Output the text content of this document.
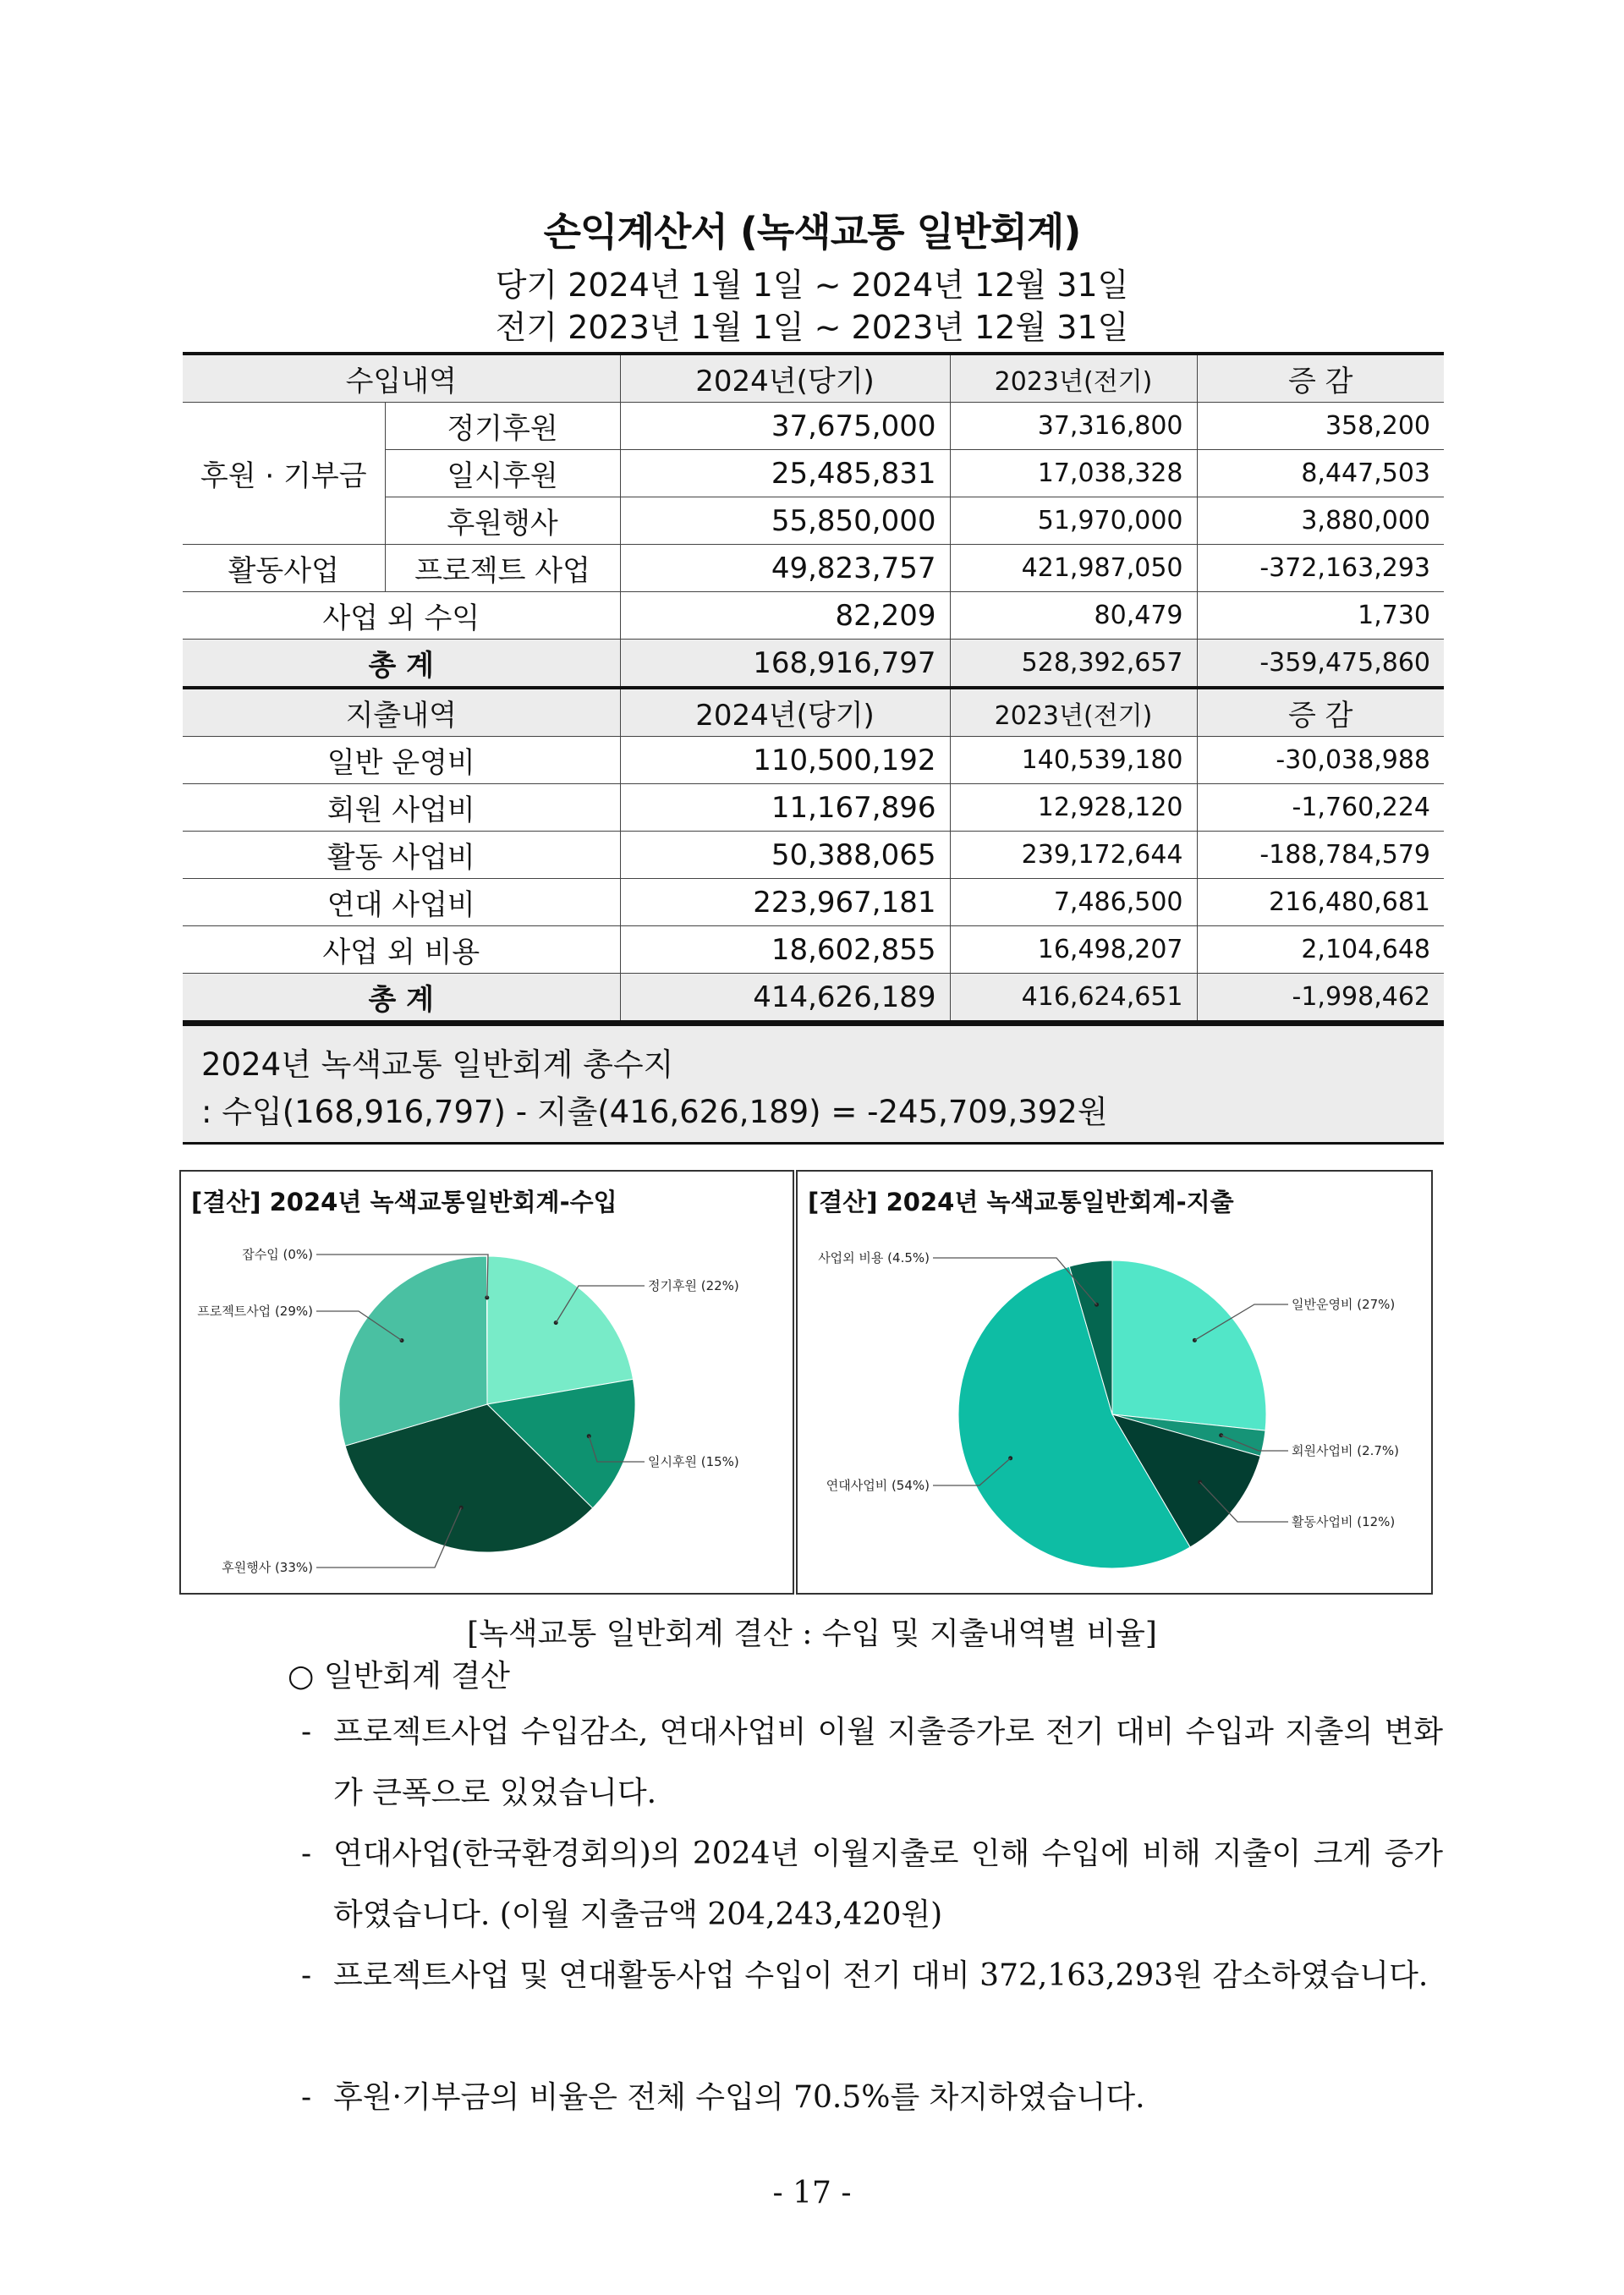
손익계산서 (녹색교통 일반회계)
당기 2024년 1월 1일 ~ 2024년 12월 31일
전기 2023년 1월 1일 ~ 2023년 12월 31일
수입내역		2024년(당기)	2023년(전기)	증 감
후원 · 기부금	정기후원	37,675,000	37,316,800	358,200
	일시후원	25,485,831	17,038,328	8,447,503
	후원행사	55,850,000	51,970,000	3,880,000
활동사업	프로젝트 사업	49,823,757	421,987,050	-372,163,293
사업 외 수익		82,209	80,479	1,730
총 계		168,916,797	528,392,657	-359,475,860
지출내역		2024년(당기)	2023년(전기)	증 감
일반 운영비		110,500,192	140,539,180	-30,038,988
회원 사업비		11,167,896	12,928,120	-1,760,224
활동 사업비		50,388,065	239,172,644	-188,784,579
연대 사업비		223,967,181	7,486,500	216,480,681
사업 외 비용		18,602,855	16,498,207	2,104,648
총 계		414,626,189	416,624,651	-1,998,462
2024년 녹색교통 일반회계 총수지
: 수입(168,916,797) - 지출(416,626,189) = -245,709,392원
정기후원 (22%)
일시후원 (15%)
후원행사 (33%)
프로젝트사업 (29%)
잡수입 (0%)
[결산] 2024년 녹색교통일반회계-수입
일반운영비 (27%)
회원사업비 (2.7%)
활동사업비 (12%)
연대사업비 (54%)
사업외 비용 (4.5%)
[결산] 2024년 녹색교통일반회계-지출
[녹색교통 일반회계 결산 : 수입 및 지출내역별 비율]
○ 일반회계 결산
- 프로젝트사업 수입감소, 연대사업비 이월 지출증가로 전기 대비 수입과 지출의 변화가 큰폭으로 있었습니다.
- 연대사업(한국환경회의)의 2024년 이월지출로 인해 수입에 비해 지출이 크게 증가하였습니다. (이월 지출금액 204,243,420원)
- 프로젝트사업 및 연대활동사업 수입이 전기 대비 372,163,293원 감소하였습니다.
- 후원·기부금의 비율은 전체 수입의 70.5%를 차지하였습니다.
- 17 -
